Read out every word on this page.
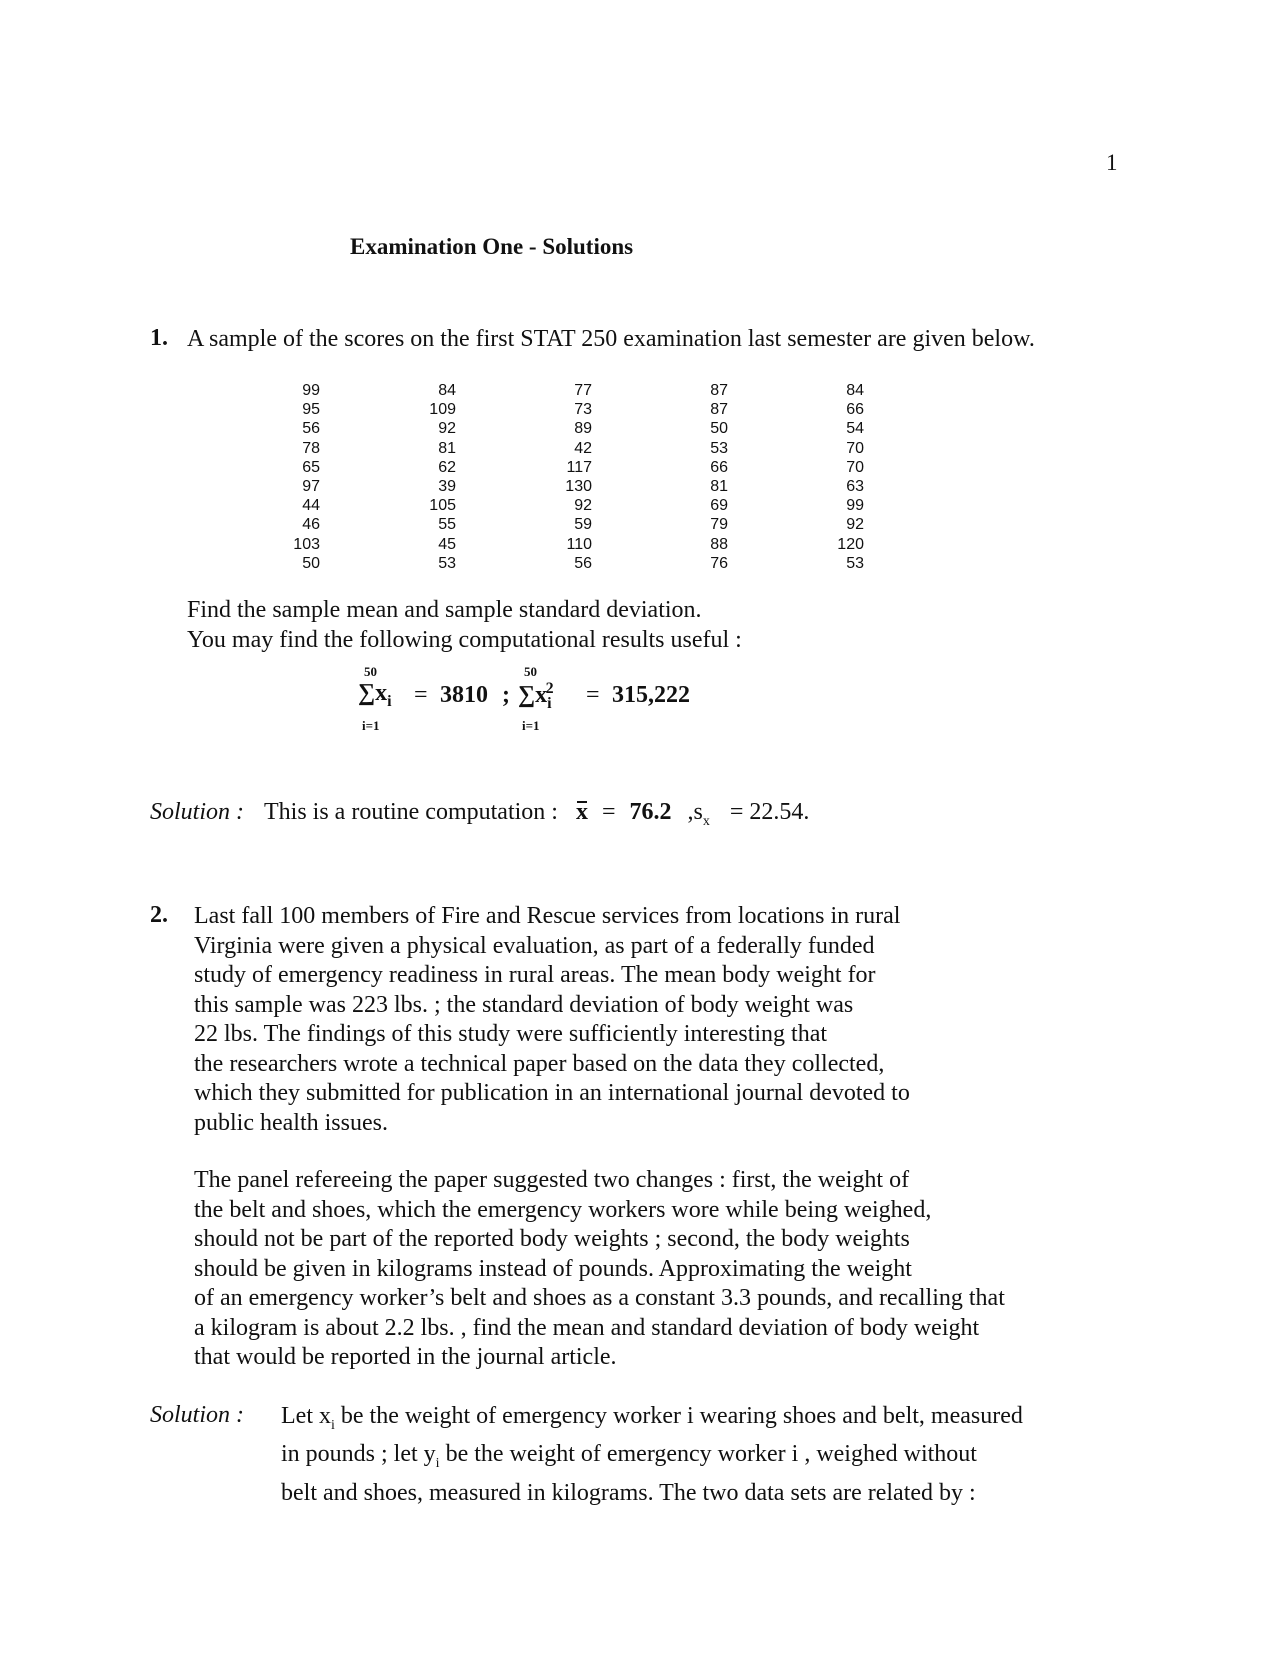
1
Examination One - Solutions
1. A sample of the scores on the first STAT 250 examination last semester are given below.
99
95
56
78
65
97
44
46
103
50
84
109
92
81
62
39
105
55
45
53
77
73
89
42
117
130
92
59
110
56
87
87
50
53
66
81
69
79
88
76
84
66
54
70
70
63
99
92
120
53
Find the sample mean and sample standard deviation.
You may find the following computational results useful :
50
$\sum x_i$
i=1
= 3810 ;
50
$\sum x_i^2$
i=1
= 315,222
Solution : This is a routine computation : x = 76.2 $,s_x = 22.54$.
2. Last fall 100 members of Fire and Rescue services from locations in rural
Virginia were given a physical evaluation, as part of a federally funded
study of emergency readiness in rural areas. The mean body weight for
this sample was 223 lbs. ; the standard deviation of body weight was
22 lbs. The findings of this study were sufficiently interesting that
the researchers wrote a technical paper based on the data they collected,
which they submitted for publication in an international journal devoted to
public health issues.
The panel refereeing the paper suggested two changes : first, the weight of
the belt and shoes, which the emergency workers wore while being weighed,
should not be part of the reported body weights ; second, the body weights
should be given in kilograms instead of pounds. Approximating the weight
of an emergency worker’s belt and shoes as a constant 3.3 pounds, and recalling that
a kilogram is about 2.2 lbs. , find the mean and standard deviation of body weight
that would be reported in the journal article.
Solution : Let $x_i$ be the weight of emergency worker i wearing shoes and belt, measured
in pounds ; let $y_i$ be the weight of emergency worker i , weighed without
belt and shoes, measured in kilograms. The two data sets are related by :
